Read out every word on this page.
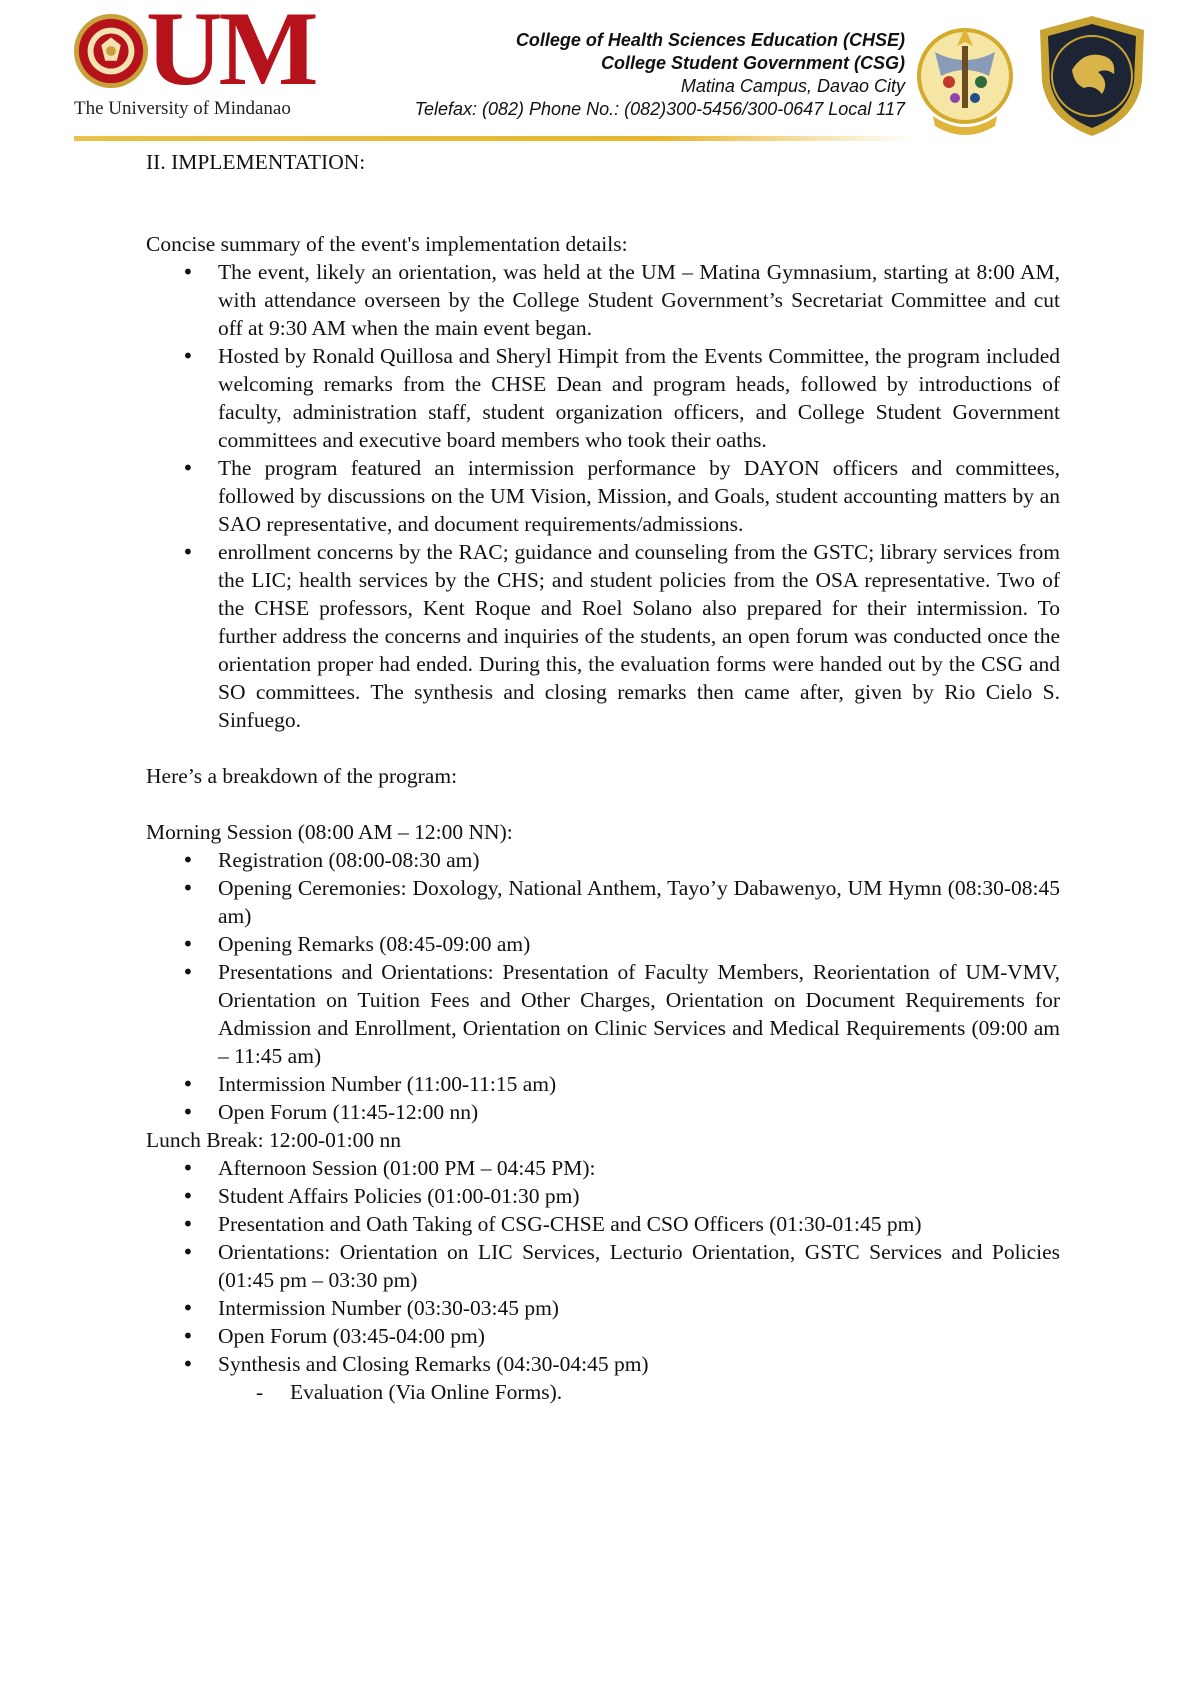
UM
The University of Mindanao
College of Health Sciences Education (CHSE)
College Student Government (CSG)
Matina Campus, Davao City
Telefax: (082) Phone No.: (082)300-5456/300-0647 Local 117
II. IMPLEMENTATION:

Concise summary of the event's implementation details:

• The event, likely an orientation, was held at the UM – Matina Gymnasium, starting at 8:00 AM, with attendance overseen by the College Student Government’s Secretariat Committee and cut off at 9:30 AM when the main event began.
• Hosted by Ronald Quillosa and Sheryl Himpit from the Events Committee, the program included welcoming remarks from the CHSE Dean and program heads, followed by introductions of faculty, administration staff, student organization officers, and College Student Government committees and executive board members who took their oaths.
• The program featured an intermission performance by DAYON officers and committees, followed by discussions on the UM Vision, Mission, and Goals, student accounting matters by an SAO representative, and document requirements/admissions.
• enrollment concerns by the RAC; guidance and counseling from the GSTC; library services from the LIC; health services by the CHS; and student policies from the OSA representative. Two of the CHSE professors, Kent Roque and Roel Solano also prepared for their intermission. To further address the concerns and inquiries of the students, an open forum was conducted once the orientation proper had ended. During this, the evaluation forms were handed out by the CSG and SO committees. The synthesis and closing remarks then came after, given by Rio Cielo S. Sinfuego.

Here’s a breakdown of the program:

Morning Session (08:00 AM – 12:00 NN):

• Registration (08:00-08:30 am)
• Opening Ceremonies: Doxology, National Anthem, Tayo’y Dabawenyo, UM Hymn (08:30-08:45 am)
• Opening Remarks (08:45-09:00 am)
• Presentations and Orientations: Presentation of Faculty Members, Reorientation of UM-VMV, Orientation on Tuition Fees and Other Charges, Orientation on Document Requirements for Admission and Enrollment, Orientation on Clinic Services and Medical Requirements (09:00 am – 11:45 am)
• Intermission Number (11:00-11:15 am)
• Open Forum (11:45-12:00 nn)

Lunch Break: 12:00-01:00 nn

• Afternoon Session (01:00 PM – 04:45 PM):
• Student Affairs Policies (01:00-01:30 pm)
• Presentation and Oath Taking of CSG-CHSE and CSO Officers (01:30-01:45 pm)
• Orientations: Orientation on LIC Services, Lecturio Orientation, GSTC Services and Policies (01:45 pm – 03:30 pm)
• Intermission Number (03:30-03:45 pm)
• Open Forum (03:45-04:00 pm)
• Synthesis and Closing Remarks (04:30-04:45 pm)
- Evaluation (Via Online Forms).
